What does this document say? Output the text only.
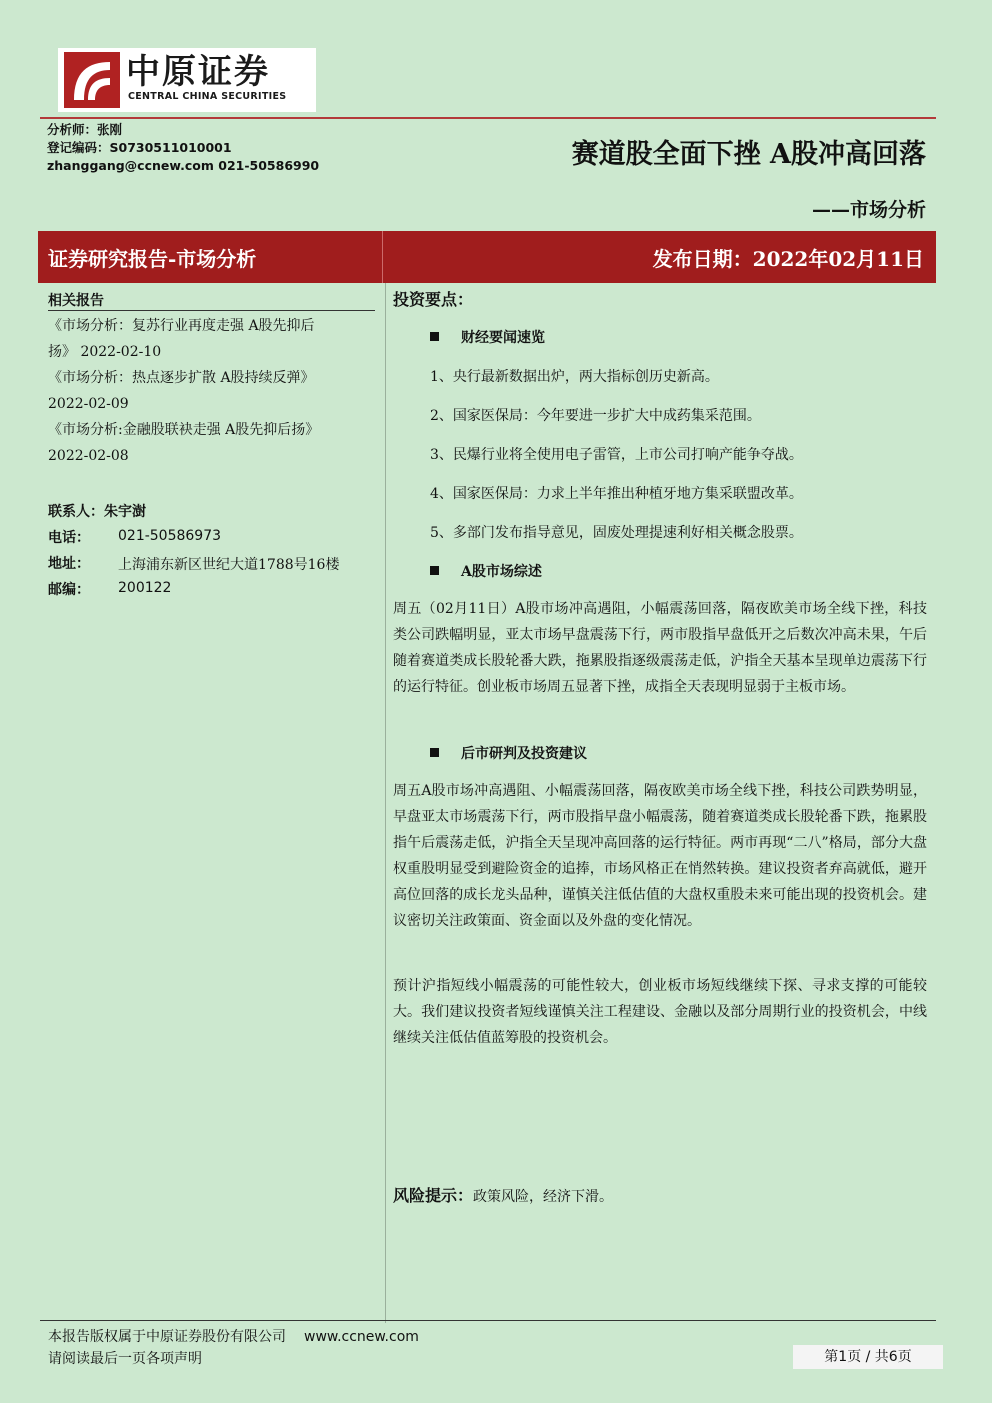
中原证券
CENTRAL CHINA SECURITIES
分析师：张刚
登记编码：S0730511010001
zhanggang@ccnew.com 021-50586990	赛道股全面下挫 A股冲高回落
——市场分析
证券研究报告-市场分析	发布日期：2022年02月11日
相关报告
《市场分析：复苏行业再度走强 A股先抑后
扬》 2022-02-10
《市场分析：热点逐步扩散 A股持续反弹》
2022-02-09
《市场分析:金融股联袂走强 A股先抑后扬》
2022-02-08
联系人：朱宇澍
电话： 021-50586973
地址： 上海浦东新区世纪大道1788号16楼
邮编： 200122
投资要点：
财经要闻速览
1、央行最新数据出炉，两大指标创历史新高。
2、国家医保局：今年要进一步扩大中成药集采范围。
3、民爆行业将全使用电子雷管，上市公司打响产能争夺战。
4、国家医保局：力求上半年推出种植牙地方集采联盟改革。
5、多部门发布指导意见，固废处理提速利好相关概念股票。
A股市场综述
周五（02月11日）A股市场冲高遇阻，小幅震荡回落，隔夜欧美市场全线下挫，科技类公司跌幅明显，亚太市场早盘震荡下行，两市股指早盘低开之后数次冲高未果，午后随着赛道类成长股轮番大跌，拖累股指逐级震荡走低，沪指全天基本呈现单边震荡下行的运行特征。创业板市场周五显著下挫，成指全天表现明显弱于主板市场。
后市研判及投资建议
周五A股市场冲高遇阻、小幅震荡回落，隔夜欧美市场全线下挫，科技公司跌势明显，早盘亚太市场震荡下行，两市股指早盘小幅震荡，随着赛道类成长股轮番下跌，拖累股指午后震荡走低，沪指全天呈现冲高回落的运行特征。两市再现“二八”格局，部分大盘权重股明显受到避险资金的追捧，市场风格正在悄然转换。建议投资者弃高就低，避开高位回落的成长龙头品种，谨慎关注低估值的大盘权重股未来可能出现的投资机会。建议密切关注政策面、资金面以及外盘的变化情况。
预计沪指短线小幅震荡的可能性较大，创业板市场短线继续下探、寻求支撑的可能较大。我们建议投资者短线谨慎关注工程建设、金融以及部分周期行业的投资机会，中线继续关注低估值蓝筹股的投资机会。
风险提示：政策风险，经济下滑。
本报告版权属于中原证券股份有限公司 www.ccnew.com
请阅读最后一页各项声明	第1页 / 共6页
